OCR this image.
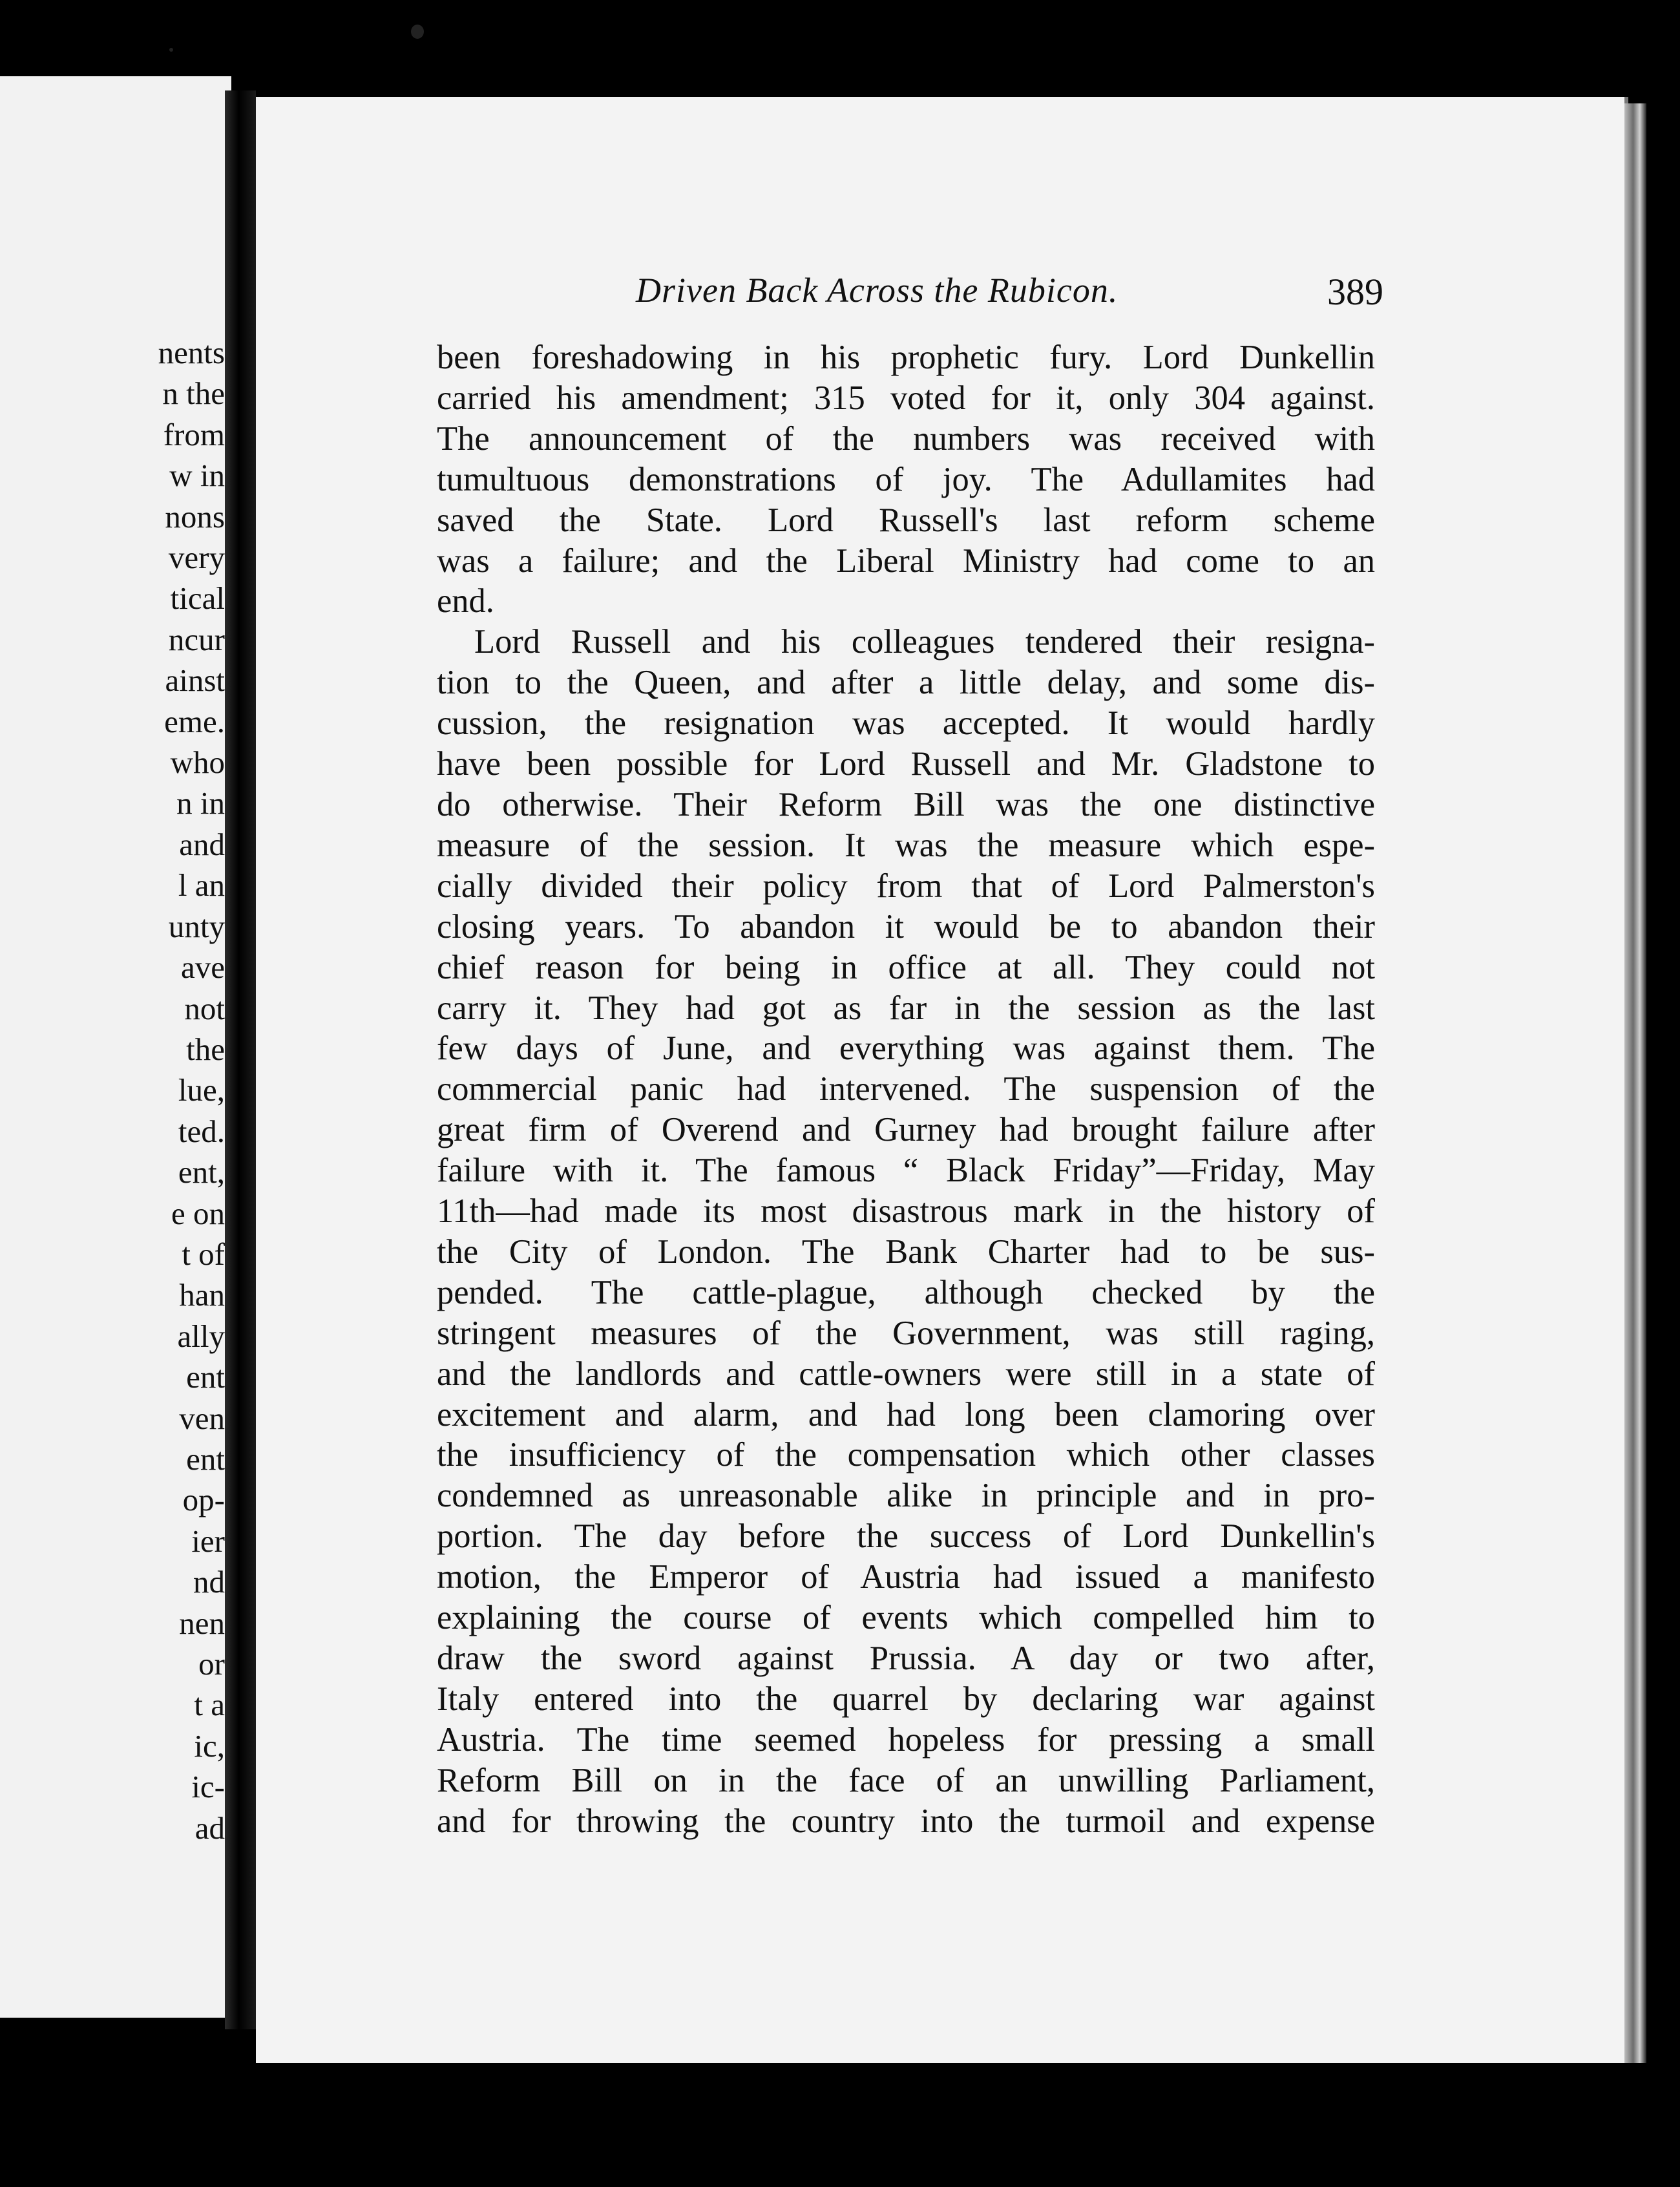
nents
n the
from
w in
nons
very
tical
ncur
ainst
eme.
who
n in
and
l an
unty
ave
not
the
lue,
ted.
ent,
e on
t of
han
ally
ent
ven
ent
op-
ier
nd
nen
or
t a
ic,
ic-
ad
Driven Back Across the Rubicon.	389
been foreshadowing in his prophetic fury. Lord Dunkellin
carried his amendment; 315 voted for it, only 304 against.
The announcement of the numbers was received with
tumultuous demonstrations of joy. The Adullamites had
saved the State. Lord Russell's last reform scheme
was a failure; and the Liberal Ministry had come to an
end.
Lord Russell and his colleagues tendered their resigna-
tion to the Queen, and after a little delay, and some dis-
cussion, the resignation was accepted. It would hardly
have been possible for Lord Russell and Mr. Gladstone to
do otherwise. Their Reform Bill was the one distinctive
measure of the session. It was the measure which espe-
cially divided their policy from that of Lord Palmerston's
closing years. To abandon it would be to abandon their
chief reason for being in office at all. They could not
carry it. They had got as far in the session as the last
few days of June, and everything was against them. The
commercial panic had intervened. The suspension of the
great firm of Overend and Gurney had brought failure after
failure with it. The famous “ Black Friday”—Friday, May
11th—had made its most disastrous mark in the history of
the City of London. The Bank Charter had to be sus-
pended. The cattle-plague, although checked by the
stringent measures of the Government, was still raging,
and the landlords and cattle-owners were still in a state of
excitement and alarm, and had long been clamoring over
the insufficiency of the compensation which other classes
condemned as unreasonable alike in principle and in pro-
portion. The day before the success of Lord Dunkellin's
motion, the Emperor of Austria had issued a manifesto
explaining the course of events which compelled him to
draw the sword against Prussia. A day or two after,
Italy entered into the quarrel by declaring war against
Austria. The time seemed hopeless for pressing a small
Reform Bill on in the face of an unwilling Parliament,
and for throwing the country into the turmoil and expense
